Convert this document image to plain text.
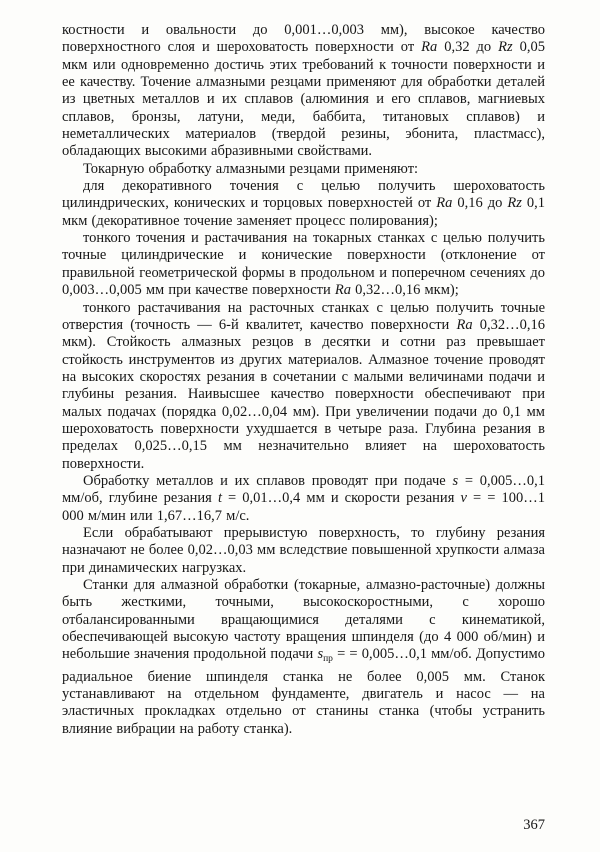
костности и овальности до 0,001…0,003 мм), высокое качество поверхностного слоя и шероховатость поверхности от Ra 0,32 до Rz 0,05 мкм или одновременно достичь этих требований к точности поверхности и ее качеству. Точение алмазными резцами применяют для обработки деталей из цветных металлов и их сплавов (алюминия и его сплавов, магниевых сплавов, бронзы, латуни, меди, баббита, титановых сплавов) и неметаллических материалов (твердой резины, эбонита, пластмасс), обладающих высокими абразивными свойствами.

Токарную обработку алмазными резцами применяют:

для декоративного точения с целью получить шероховатость цилиндрических, конических и торцовых поверхностей от Ra 0,16 до Rz 0,1 мкм (декоративное точение заменяет процесс полирования);

тонкого точения и растачивания на токарных станках с целью получить точные цилиндрические и конические поверхности (отклонение от правильной геометрической формы в продольном и поперечном сечениях до 0,003…0,005 мм при качестве поверхности Ra 0,32…0,16 мкм);

тонкого растачивания на расточных станках с целью получить точные отверстия (точность — 6-й квалитет, качество поверхности Ra 0,32…0,16 мкм). Стойкость алмазных резцов в десятки и сотни раз превышает стойкость инструментов из других материалов. Алмазное точение проводят на высоких скоростях резания в сочетании с малыми величинами подачи и глубины резания. Наивысшее качество поверхности обеспечивают при малых подачах (порядка 0,02…0,04 мм). При увеличении подачи до 0,1 мм шероховатость поверхности ухудшается в четыре раза. Глубина резания в пределах 0,025…0,15 мм незначительно влияет на шероховатость поверхности.

Обработку металлов и их сплавов проводят при подаче s = 0,005…0,1 мм/об, глубине резания t = 0,01…0,4 мм и скорости резания v = = 100…1 000 м/мин или 1,67…16,7 м/с.

Если обрабатывают прерывистую поверхность, то глубину резания назначают не более 0,02…0,03 мм вследствие повышенной хрупкости алмаза при динамических нагрузках.

Станки для алмазной обработки (токарные, алмазно-расточные) должны быть жесткими, точными, высокоскоростными, с хорошо отбалансированными вращающимися деталями с кинематикой, обеспечивающей высокую частоту вращения шпинделя (до 4 000 об/мин) и небольшие значения продольной подачи $s_{пр}$ = = 0,005…0,1 мм/об. Допустимо радиальное биение шпинделя станка не более 0,005 мм. Станок устанавливают на отдельном фундаменте, двигатель и насос — на эластичных прокладках отдельно от станины станка (чтобы устранить влияние вибрации на работу станка).

367
